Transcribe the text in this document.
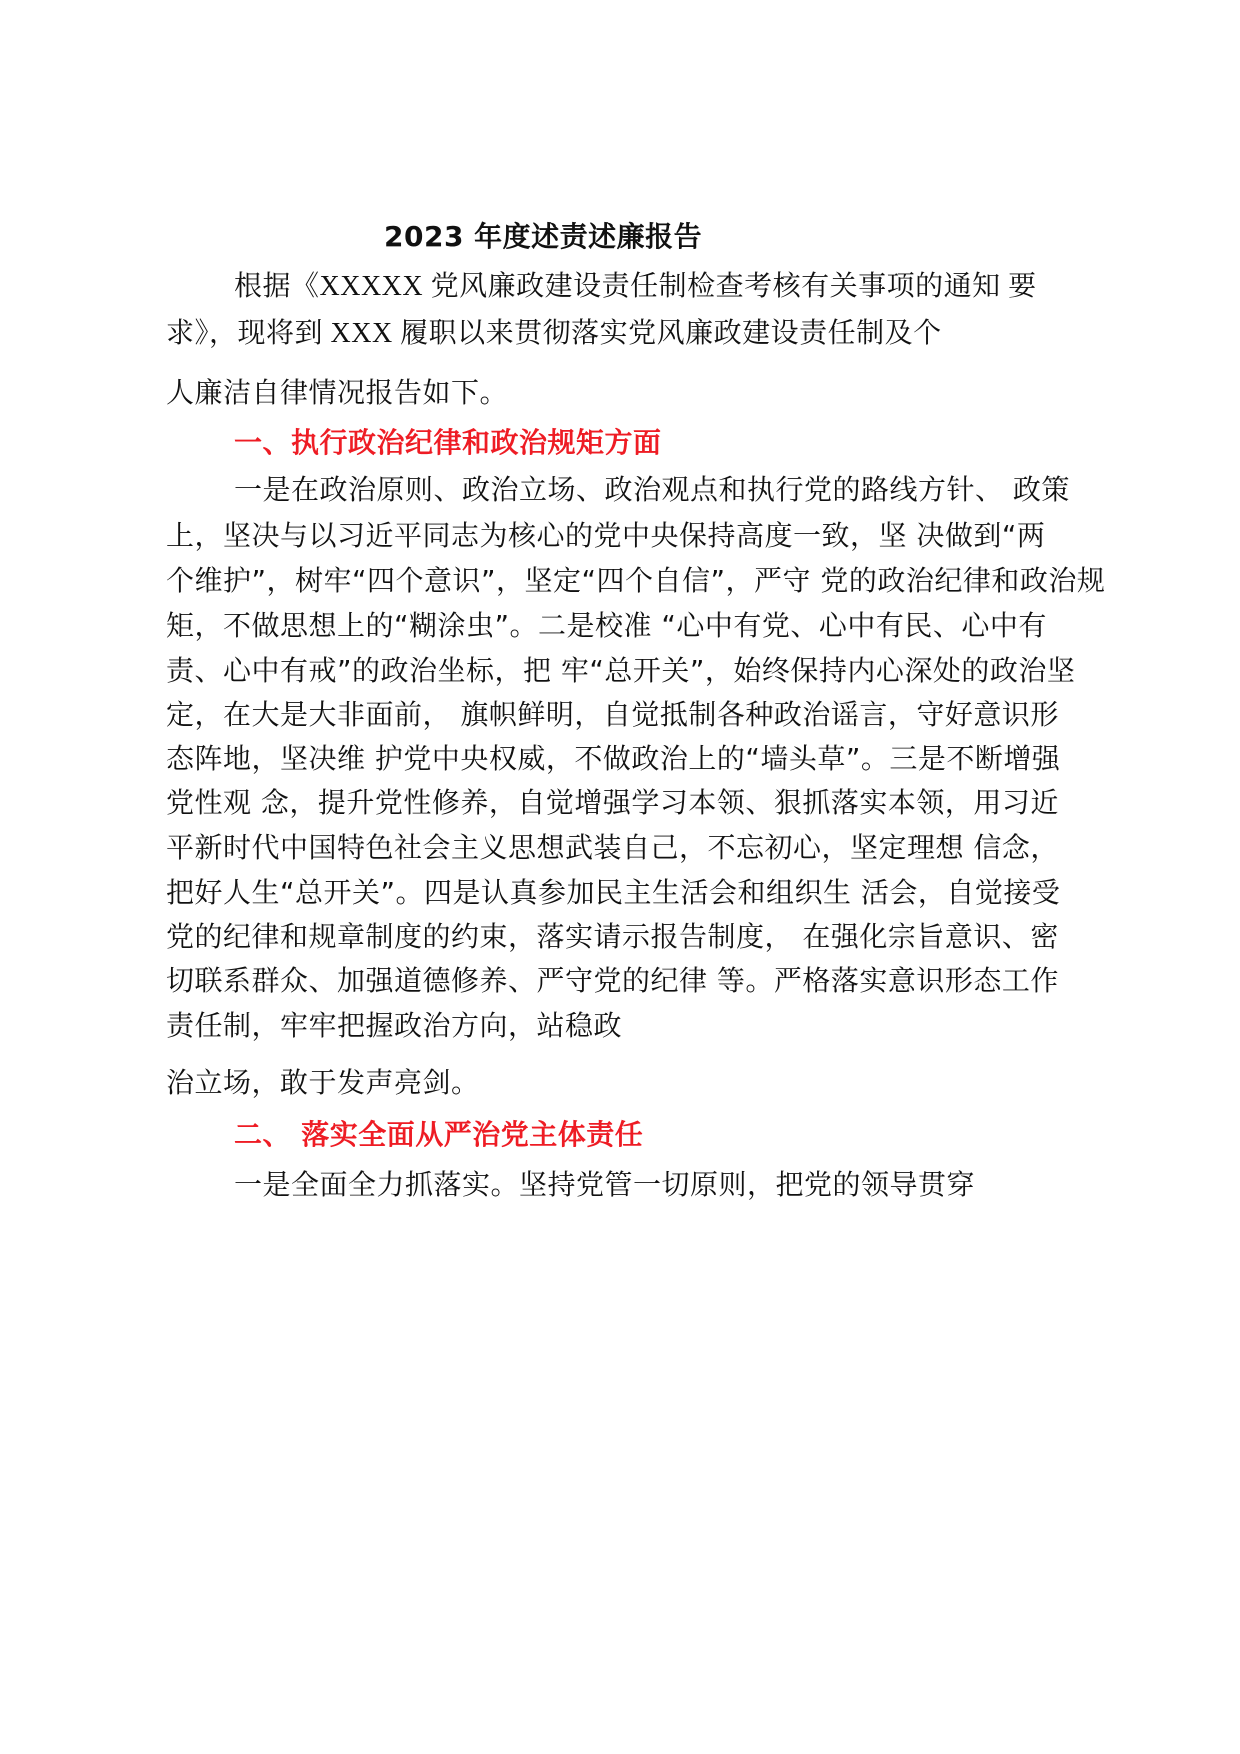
2023 年度述责述廉报告
根据《XXXXX 党风廉政建设责任制检查考核有关事项的通知 要
求》，现将到 XXX 履职以来贯彻落实党风廉政建设责任制及个
人廉洁自律情况报告如下。
一、执行政治纪律和政治规矩方面
一是在政治原则、政治立场、政治观点和执行党的路线方针、 政策
上，坚决与以习近平同志为核心的党中央保持高度一致，坚 决做到“两
个维护”，树牢“四个意识”，坚定“四个自信”，严守 党的政治纪律和政治规
矩，不做思想上的“糊涂虫”。二是校准 “心中有党、心中有民、心中有
责、心中有戒”的政治坐标，把 牢“总开关”，始终保持内心深处的政治坚
定，在大是大非面前， 旗帜鲜明，自觉抵制各种政治谣言，守好意识形
态阵地，坚决维 护党中央权威，不做政治上的“墙头草”。三是不断增强
党性观 念，提升党性修养，自觉增强学习本领、狠抓落实本领，用习近
平新时代中国特色社会主义思想武装自己，不忘初心，坚定理想 信念，
把好人生“总开关”。四是认真参加民主生活会和组织生 活会，自觉接受
党的纪律和规章制度的约束，落实请示报告制度， 在强化宗旨意识、密
切联系群众、加强道德修养、严守党的纪律 等。严格落实意识形态工作
责任制，牢牢把握政治方向，站稳政
治立场，敢于发声亮剑。
二、 落实全面从严治党主体责任
一是全面全力抓落实。坚持党管一切原则，把党的领导贯穿
